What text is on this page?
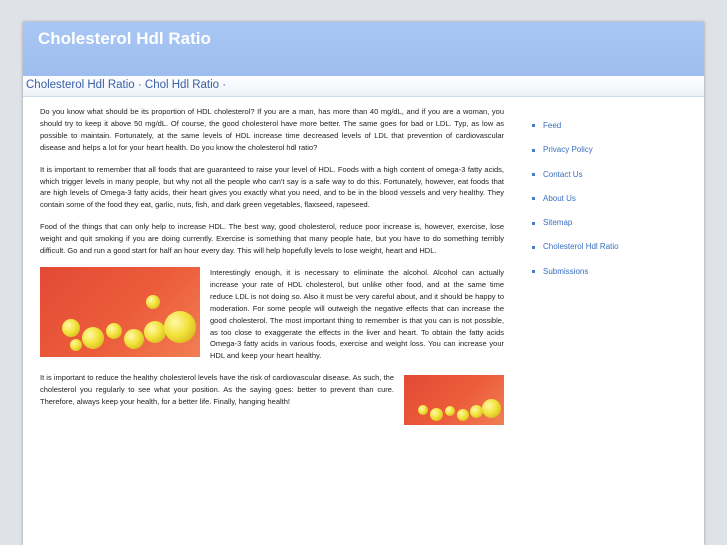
Cholesterol Hdl Ratio
Cholesterol Hdl Ratio · Chol Hdl Ratio ·

Do you know what should be its proportion of HDL cholesterol? If you are a man, has more than 40 mg/dL, and if you are a woman, you should try to keep it above 50 mg/dL. Of course, the good cholesterol have more better. The same goes for bad or LDL. Typ, as low as possible to maintain. Fortunately, at the same levels of HDL increase time decreased levels of LDL that prevention of cardiovascular disease and helps a lot for your heart health. Do you know the cholesterol hdl ratio?

It is important to remember that all foods that are guaranteed to raise your level of HDL. Foods with a high content of omega-3 fatty acids, which trigger levels in many people, but why not all the people who can't say is a safe way to do this. Fortunately, however, eat foods that are high levels of Omega-3 fatty acids, their heart gives you exactly what you need, and to be in the blood vessels and very healthy. They contain some of the food they eat, garlic, nuts, fish, and dark green vegetables, flaxseed, rapeseed.

Food of the things that can only help to increase HDL. The best way, good cholesterol, reduce poor increase is, however, exercise, lose weight and quit smoking if you are doing currently. Exercise is something that many people hate, but you have to do something terribly difficult. Go and run a good start for half an hour every day. This will help hopefully levels to lose weight, heart and HDL.

Interestingly enough, it is necessary to eliminate the alcohol. Alcohol can actually increase your rate of HDL cholesterol, but unlike other food, and at the same time reduce LDL is not doing so. Also it must be very careful about, and it should be happy to moderation. For some people will outweigh the negative effects that can increase the good cholesterol. The most important thing to remember is that you can is not possible, as too close to exaggerate the effects in the liver and heart. To obtain the fatty acids Omega-3 fatty acids in various foods, exercise and weight loss. You can increase your HDL and keep your heart healthy.

It is important to reduce the healthy cholesterol levels have the risk of cardiovascular disease. As such, the cholesterol you regularly to see what your position. As the saying goes: better to prevent than cure. Therefore, always keep your health, for a better life. Finally, hanging health!

Feed
Privacy Policy
Contact Us
About Us
Sitemap
Cholesterol Hdl Ratio
Submissions
